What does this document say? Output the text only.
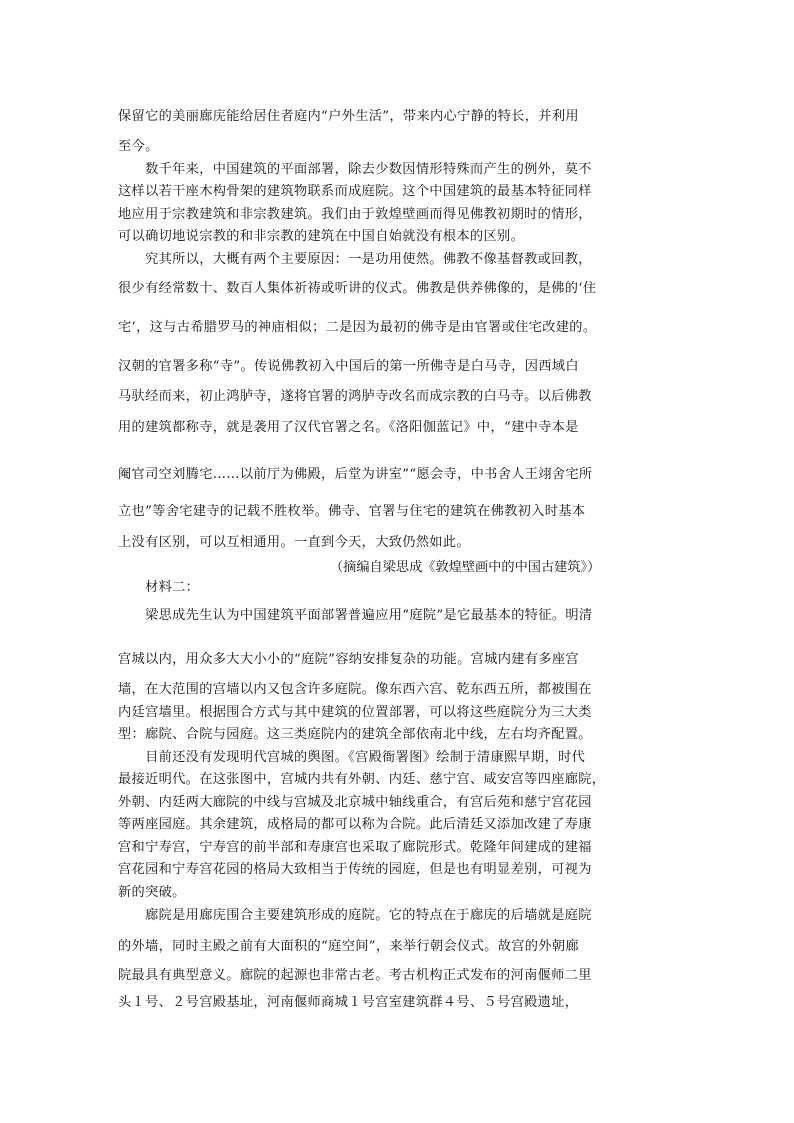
保留它的美丽廊庑能给居住者庭内“户外生活”，带来内心宁静的特长，并利用
至今。
　　数千年来，中国建筑的平面部署，除去少数因情形特殊而产生的例外，莫不
这样以若干座木构骨架的建筑物联系而成庭院。这个中国建筑的最基本特征同样
地应用于宗教建筑和非宗教建筑。我们由于敦煌壁画而得见佛教初期时的情形，
可以确切地说宗教的和非宗教的建筑在中国自始就没有根本的区别。
　　究其所以，大概有两个主要原因：一是功用使然。佛教不像基督教或回教，
很少有经常数十、数百人集体祈祷或听讲的仪式。佛教是供养佛像的，是佛的‘住
宅’，这与古希腊罗马的神庙相似；二是因为最初的佛寺是由官署或住宅改建的。
汉朝的官署多称“寺”。传说佛教初入中国后的第一所佛寺是白马寺，因西域白
马驮经而来，初止鸿胪寺，遂将官署的鸿胪寺改名而成宗教的白马寺。以后佛教
用的建筑都称寺，就是袭用了汉代官署之名。《洛阳伽蓝记》中，“建中寺本是
阉官司空刘腾宅……以前厅为佛殿，后堂为讲室”“愿会寺，中书舍人王翊舍宅所
立也”等舍宅建寺的记载不胜枚举。佛寺、官署与住宅的建筑在佛教初入时基本
上没有区别，可以互相通用。一直到今天，大致仍然如此。
（摘编自梁思成《敦煌壁画中的中国古建筑》）
　　材料二：
　　梁思成先生认为中国建筑平面部署普遍应用“庭院”是它最基本的特征。明清
宫城以内，用众多大大小小的“庭院”容纳安排复杂的功能。宫城内建有多座宫
墙，在大范围的宫墙以内又包含许多庭院。像东西六宫、乾东西五所，都被围在
内廷宫墙里。根据围合方式与其中建筑的位置部署，可以将这些庭院分为三大类
型：廊院、合院与园庭。这三类庭院内的建筑全部依南北中线，左右均齐配置。
　　目前还没有发现明代宫城的舆图。《宫殿衙署图》绘制于清康熙早期，时代
最接近明代。在这张图中，宫城内共有外朝、内廷、慈宁宫、咸安宫等四座廊院，
外朝、内廷两大廊院的中线与宫城及北京城中轴线重合，有宫后苑和慈宁宫花园
等两座园庭。其余建筑，成格局的都可以称为合院。此后清廷又添加改建了寿康
宫和宁寿宫，宁寿宫的前半部和寿康宫也采取了廊院形式。乾隆年间建成的建福
宫花园和宁寿宫花园的格局大致相当于传统的园庭，但是也有明显差别，可视为
新的突破。
　　廊院是用廊庑围合主要建筑形成的庭院。它的特点在于廊庑的后墙就是庭院
的外墙，同时主殿之前有大面积的“庭空间”，来举行朝会仪式。故宫的外朝廊
院最具有典型意义。廊院的起源也非常古老。考古机构正式发布的河南偃师二里
头１号、２号宫殿基址，河南偃师商城１号宫室建筑群４号、５号宫殿遗址，
